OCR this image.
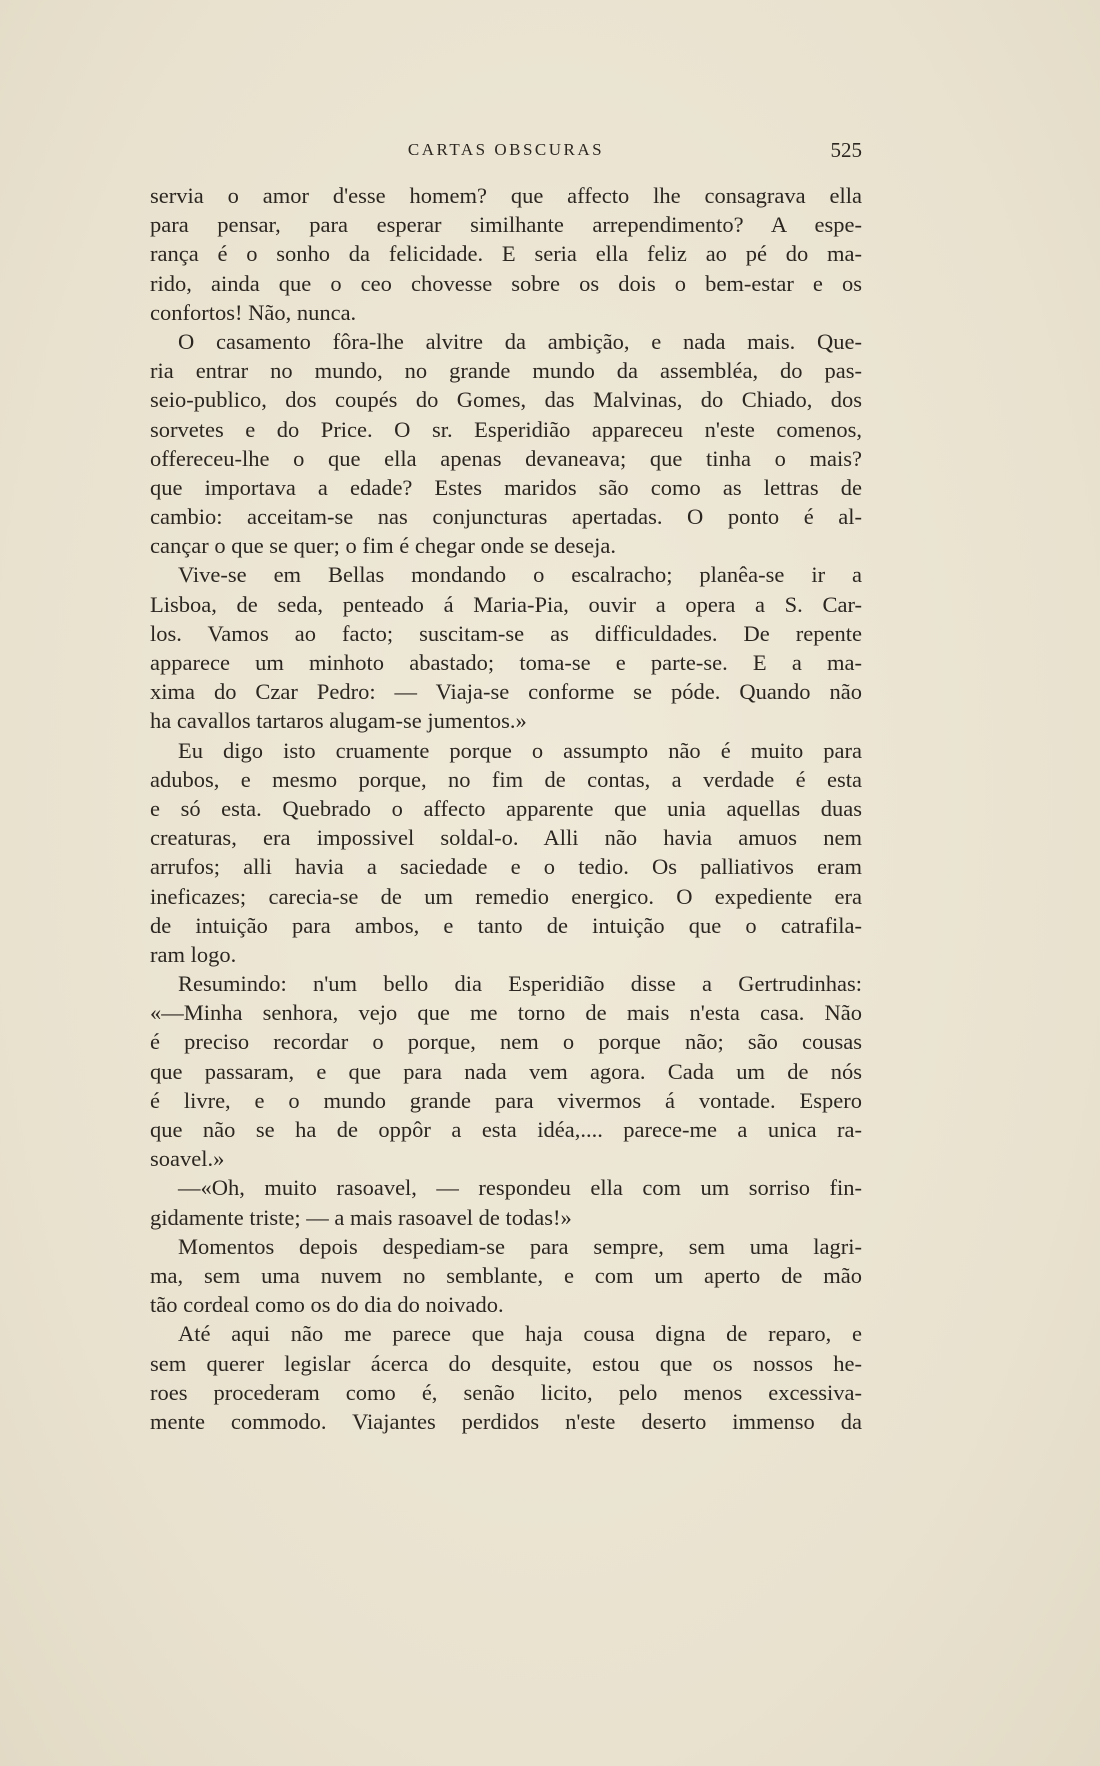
CARTAS OBSCURAS	525
servia o amor d'esse homem? que affecto lhe consagrava ella
para pensar, para esperar similhante arrependimento? A espe-
rança é o sonho da felicidade. E seria ella feliz ao pé do ma-
rido, ainda que o ceo chovesse sobre os dois o bem-estar e os
confortos! Não, nunca.
O casamento fôra-lhe alvitre da ambição, e nada mais. Que-
ria entrar no mundo, no grande mundo da assembléa, do pas-
seio-publico, dos coupés do Gomes, das Malvinas, do Chiado, dos
sorvetes e do Price. O sr. Esperidião appareceu n'este comenos,
offereceu-lhe o que ella apenas devaneava; que tinha o mais?
que importava a edade? Estes maridos são como as lettras de
cambio: acceitam-se nas conjuncturas apertadas. O ponto é al-
cançar o que se quer; o fim é chegar onde se deseja.
Vive-se em Bellas mondando o escalracho; planêa-se ir a
Lisboa, de seda, penteado á Maria-Pia, ouvir a opera a S. Car-
los. Vamos ao facto; suscitam-se as difficuldades. De repente
apparece um minhoto abastado; toma-se e parte-se. E a ma-
xima do Czar Pedro: — Viaja-se conforme se póde. Quando não
ha cavallos tartaros alugam-se jumentos.»
Eu digo isto cruamente porque o assumpto não é muito para
adubos, e mesmo porque, no fim de contas, a verdade é esta
e só esta. Quebrado o affecto apparente que unia aquellas duas
creaturas, era impossivel soldal-o. Alli não havia amuos nem
arrufos; alli havia a saciedade e o tedio. Os palliativos eram
ineficazes; carecia-se de um remedio energico. O expediente era
de intuição para ambos, e tanto de intuição que o catrafila-
ram logo.
Resumindo: n'um bello dia Esperidião disse a Gertrudinhas:
«—Minha senhora, vejo que me torno de mais n'esta casa. Não
é preciso recordar o porque, nem o porque não; são cousas
que passaram, e que para nada vem agora. Cada um de nós
é livre, e o mundo grande para vivermos á vontade. Espero
que não se ha de oppôr a esta idéa,.... parece-me a unica ra-
soavel.»
—«Oh, muito rasoavel, — respondeu ella com um sorriso fin-
gidamente triste; — a mais rasoavel de todas!»
Momentos depois despediam-se para sempre, sem uma lagri-
ma, sem uma nuvem no semblante, e com um aperto de mão
tão cordeal como os do dia do noivado.
Até aqui não me parece que haja cousa digna de reparo, e
sem querer legislar ácerca do desquite, estou que os nossos he-
roes procederam como é, senão licito, pelo menos excessiva-
mente commodo. Viajantes perdidos n'este deserto immenso da
